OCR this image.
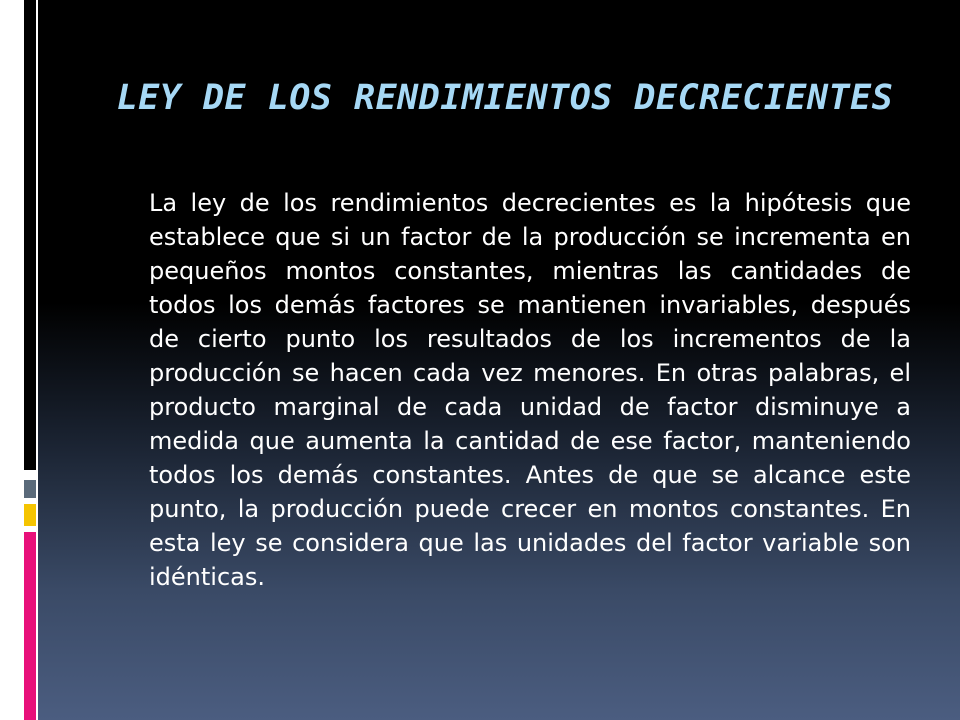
LEY DE LOS RENDIMIENTOS DECRECIENTES

La ley de los rendimientos decrecientes es la hipótesis que establece que si un factor de la producción se incrementa en pequeños montos constantes, mientras las cantidades de todos los demás factores se mantienen invariables, después de cierto punto los resultados de los incrementos de la producción se hacen cada vez menores. En otras palabras, el producto marginal de cada unidad de factor disminuye a medida que aumenta la cantidad de ese factor, manteniendo todos los demás constantes. Antes de que se alcance este punto, la producción puede crecer en montos constantes. En esta ley se considera que las unidades del factor variable son idénticas.
